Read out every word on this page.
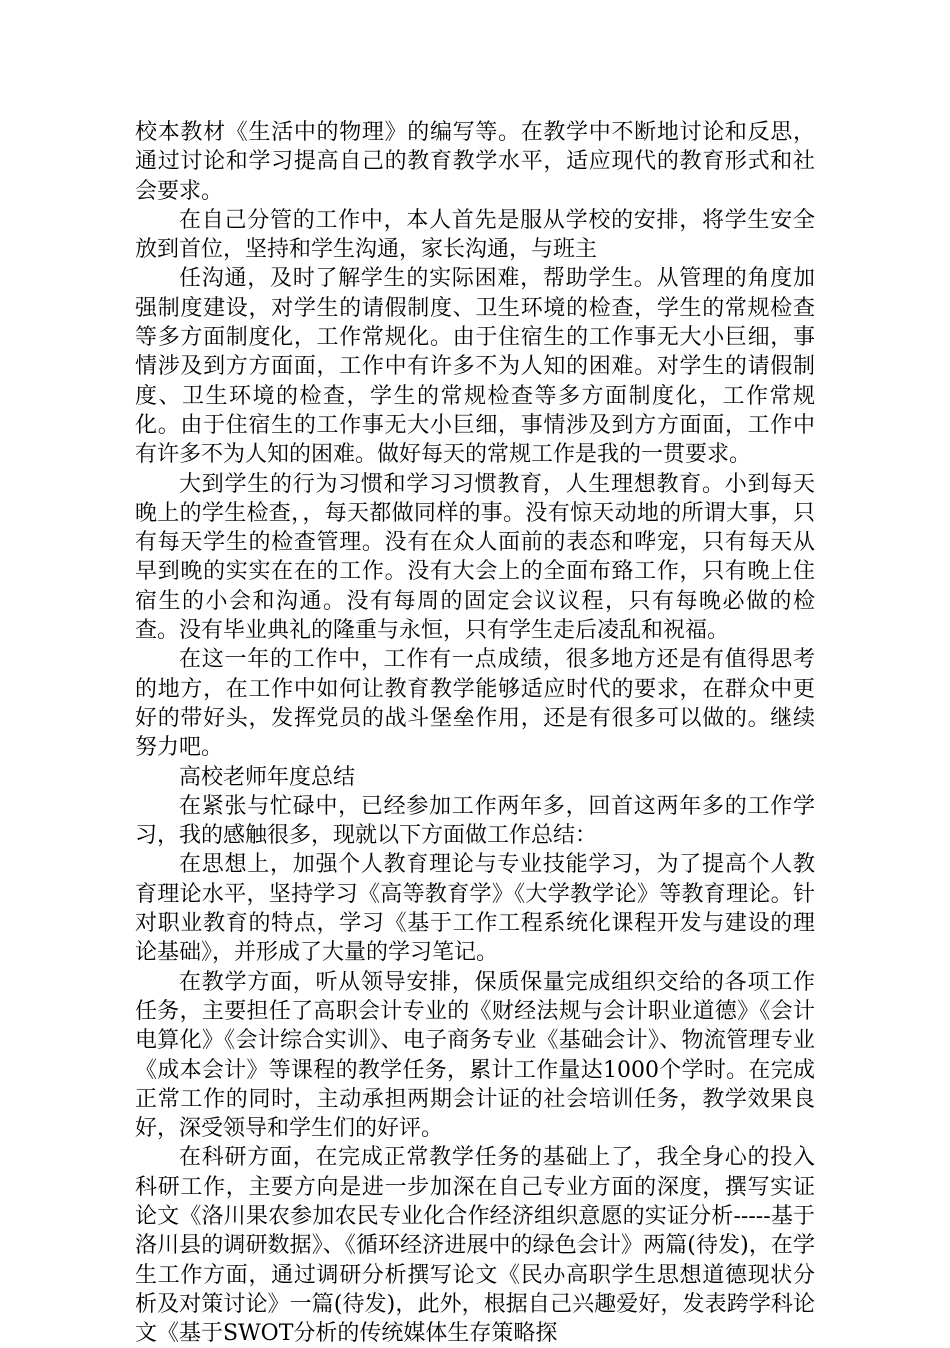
校本教材《生活中的物理》的编写等。在教学中不断地讨论和反思，通过讨论和学习提高自己的教育教学水平，适应现代的教育形式和社会要求。

在自己分管的工作中，本人首先是服从学校的安排，将学生安全放到首位，坚持和学生沟通，家长沟通，与班主

任沟通，及时了解学生的实际困难，帮助学生。从管理的角度加强制度建设，对学生的请假制度、卫生环境的检查，学生的常规检查等多方面制度化，工作常规化。由于住宿生的工作事无大小巨细，事情涉及到方方面面，工作中有许多不为人知的困难。对学生的请假制度、卫生环境的检查，学生的常规检查等多方面制度化，工作常规化。由于住宿生的工作事无大小巨细，事情涉及到方方面面，工作中有许多不为人知的困难。做好每天的常规工作是我的一贯要求。

大到学生的行为习惯和学习习惯教育，人生理想教育。小到每天晚上的学生检查，，每天都做同样的事。没有惊天动地的所谓大事，只有每天学生的检查管理。没有在众人面前的表态和哗宠，只有每天从早到晚的实实在在的工作。没有大会上的全面布臵工作，只有晚上住宿生的小会和沟通。没有每周的固定会议议程，只有每晚必做的检查。没有毕业典礼的隆重与永恒，只有学生走后凌乱和祝福。

在这一年的工作中，工作有一点成绩，很多地方还是有值得思考的地方，在工作中如何让教育教学能够适应时代的要求，在群众中更好的带好头，发挥党员的战斗堡垒作用，还是有很多可以做的。继续努力吧。

高校老师年度总结

在紧张与忙碌中，已经参加工作两年多，回首这两年多的工作学习，我的感触很多，现就以下方面做工作总结：

在思想上，加强个人教育理论与专业技能学习，为了提高个人教育理论水平，坚持学习《高等教育学》《大学教学论》等教育理论。针对职业教育的特点，学习《基于工作工程系统化课程开发与建设的理论基础》，并形成了大量的学习笔记。

在教学方面，听从领导安排，保质保量完成组织交给的各项工作任务，主要担任了高职会计专业的《财经法规与会计职业道德》《会计电算化》《会计综合实训》、电子商务专业《基础会计》、物流管理专业《成本会计》等课程的教学任务，累计工作量达1000个学时。在完成正常工作的同时，主动承担两期会计证的社会培训任务，教学效果良好，深受领导和学生们的好评。

在科研方面，在完成正常教学任务的基础上了，我全身心的投入科研工作，主要方向是进一步加深在自己专业方面的深度，撰写实证论文《洛川果农参加农民专业化合作经济组织意愿的实证分析-----基于洛川县的调研数据》、《循环经济进展中的绿色会计》两篇(待发)，在学生工作方面，通过调研分析撰写论文《民办高职学生思想道德现状分析及对策讨论》一篇(待发)，此外，根据自己兴趣爱好，发表跨学科论文《基于SWOT分析的传统媒体生存策略探
